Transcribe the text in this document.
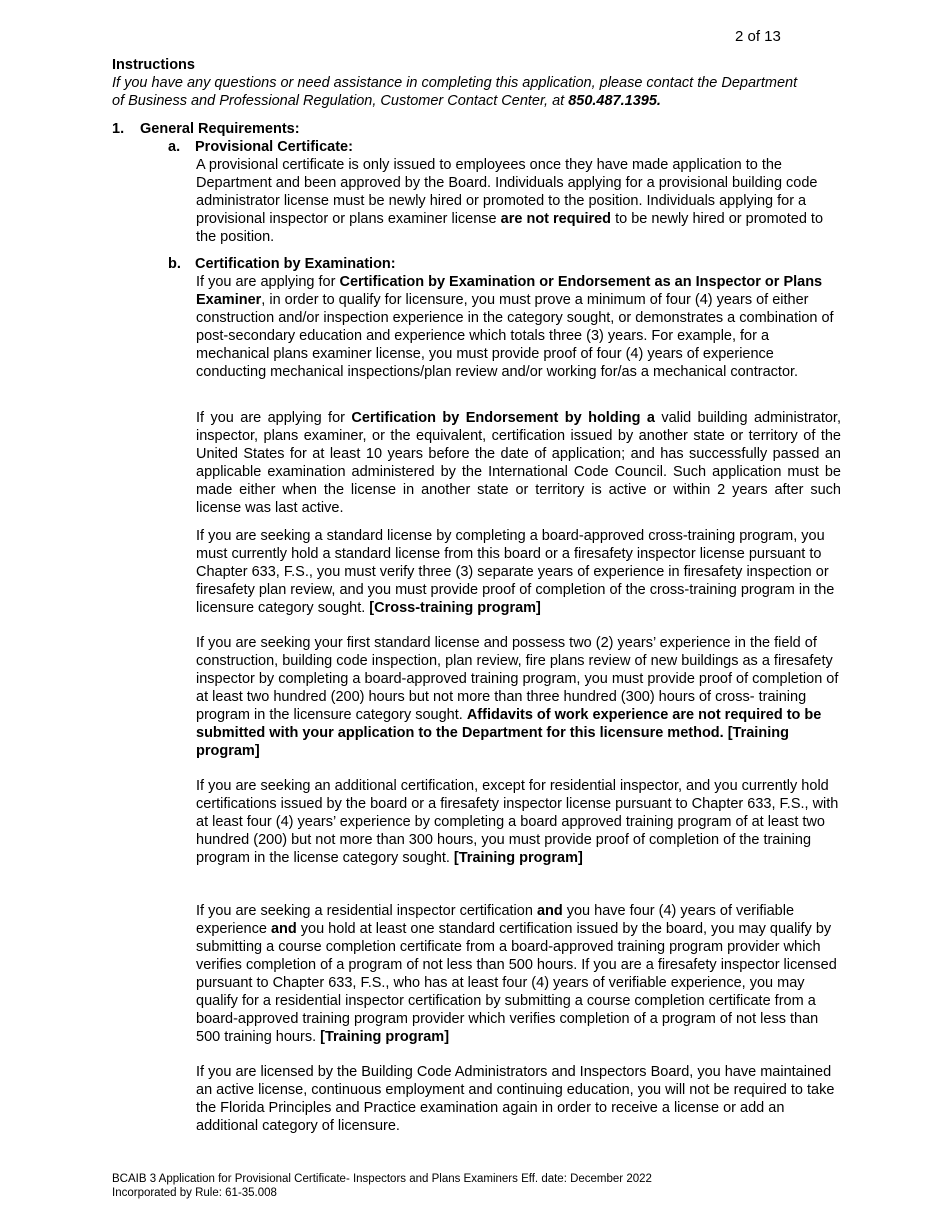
2 of 13
Instructions
If you have any questions or need assistance in completing this application, please contact the Department of Business and Professional Regulation, Customer Contact Center, at 850.487.1395.
1. General Requirements:
a. Provisional Certificate:
A provisional certificate is only issued to employees once they have made application to the Department and been approved by the Board. Individuals applying for a provisional building code administrator license must be newly hired or promoted to the position. Individuals applying for a provisional inspector or plans examiner license are not required to be newly hired or promoted to the position.
b. Certification by Examination:
If you are applying for Certification by Examination or Endorsement as an Inspector or Plans Examiner, in order to qualify for licensure, you must prove a minimum of four (4) years of either construction and/or inspection experience in the category sought, or demonstrates a combination of post-secondary education and experience which totals three (3) years. For example, for a mechanical plans examiner license, you must provide proof of four (4) years of experience conducting mechanical inspections/plan review and/or working for/as a mechanical contractor.
If you are applying for Certification by Endorsement by holding a valid building administrator, inspector, plans examiner, or the equivalent, certification issued by another state or territory of the United States for at least 10 years before the date of application; and has successfully passed an applicable examination administered by the International Code Council. Such application must be made either when the license in another state or territory is active or within 2 years after such license was last active.
If you are seeking a standard license by completing a board-approved cross-training program, you must currently hold a standard license from this board or a firesafety inspector license pursuant to Chapter 633, F.S., you must verify three (3) separate years of experience in firesafety inspection or firesafety plan review, and you must provide proof of completion of the cross-training program in the licensure category sought. [Cross-training program]
If you are seeking your first standard license and possess two (2) years’ experience in the field of construction, building code inspection, plan review, fire plans review of new buildings as a firesafety inspector by completing a board-approved training program, you must provide proof of completion of at least two hundred (200) hours but not more than three hundred (300) hours of cross- training program in the licensure category sought. Affidavits of work experience are not required to be submitted with your application to the Department for this licensure method. [Training program]
If you are seeking an additional certification, except for residential inspector, and you currently hold certifications issued by the board or a firesafety inspector license pursuant to Chapter 633, F.S., with at least four (4) years’ experience by completing a board approved training program of at least two hundred (200) but not more than 300 hours, you must provide proof of completion of the training program in the license category sought. [Training program]
If you are seeking a residential inspector certification and you have four (4) years of verifiable experience and you hold at least one standard certification issued by the board, you may qualify by submitting a course completion certificate from a board-approved training program provider which verifies completion of a program of not less than 500 hours. If you are a firesafety inspector licensed pursuant to Chapter 633, F.S., who has at least four (4) years of verifiable experience, you may qualify for a residential inspector certification by submitting a course completion certificate from a board-approved training program provider which verifies completion of a program of not less than 500 training hours. [Training program]
If you are licensed by the Building Code Administrators and Inspectors Board, you have maintained an active license, continuous employment and continuing education, you will not be required to take the Florida Principles and Practice examination again in order to receive a license or add an additional category of licensure.
BCAIB 3 Application for Provisional Certificate- Inspectors and Plans Examiners Eff. date: December 2022
Incorporated by Rule: 61-35.008
